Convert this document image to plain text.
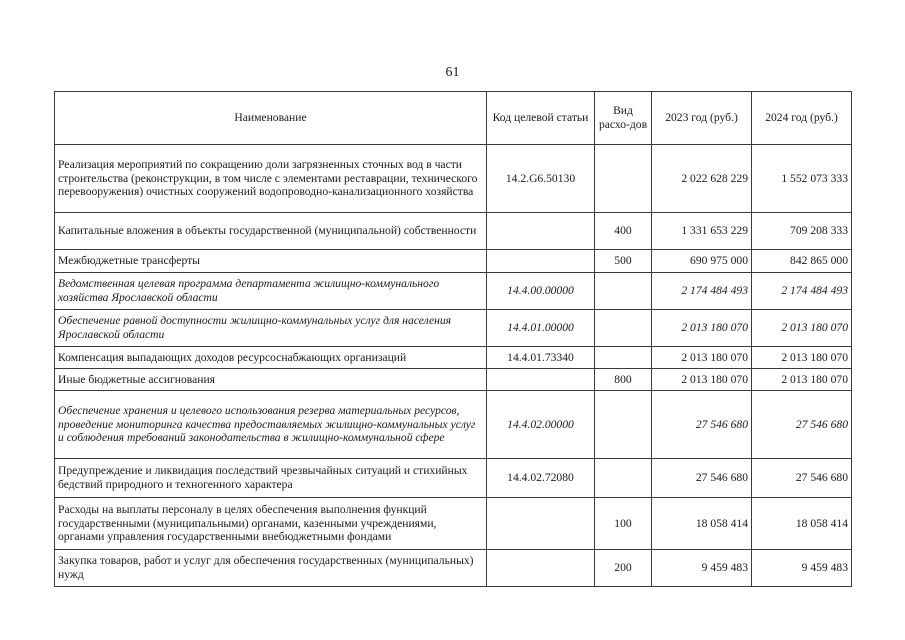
61
Наименование	Код целевой статьи	Вид расхо-дов	2023 год (руб.)	2024 год (руб.)
Реализация мероприятий по сокращению доли загрязненных сточных вод в части строительства (реконструкции, в том числе с элементами реставрации, технического перевооружения) очистных сооружений водопроводно-канализационного хозяйства	14.2.G6.50130		2 022 628 229	1 552 073 333
Капитальные вложения в объекты государственной (муниципальной) собственности		400	1 331 653 229	709 208 333
Межбюджетные трансферты		500	690 975 000	842 865 000
Ведомственная целевая программа департамента жилищно-коммунального хозяйства Ярославской области	14.4.00.00000		2 174 484 493	2 174 484 493
Обеспечение равной доступности жилищно-коммунальных услуг для населения Ярославской области	14.4.01.00000		2 013 180 070	2 013 180 070
Компенсация выпадающих доходов ресурсоснабжающих организаций	14.4.01.73340		2 013 180 070	2 013 180 070
Иные бюджетные ассигнования		800	2 013 180 070	2 013 180 070
Обеспечение хранения и целевого использования резерва материальных ресурсов, проведение мониторинга качества предоставляемых жилищно-коммунальных услуг и соблюдения требований законодательства в жилищно-коммунальной сфере	14.4.02.00000		27 546 680	27 546 680
Предупреждение и ликвидация последствий чрезвычайных ситуаций и стихийных бедствий природного и техногенного характера	14.4.02.72080		27 546 680	27 546 680
Расходы на выплаты персоналу в целях обеспечения выполнения функций государственными (муниципальными) органами, казенными учреждениями, органами управления государственными внебюджетными фондами		100	18 058 414	18 058 414
Закупка товаров, работ и услуг для обеспечения государственных (муниципальных) нужд		200	9 459 483	9 459 483
